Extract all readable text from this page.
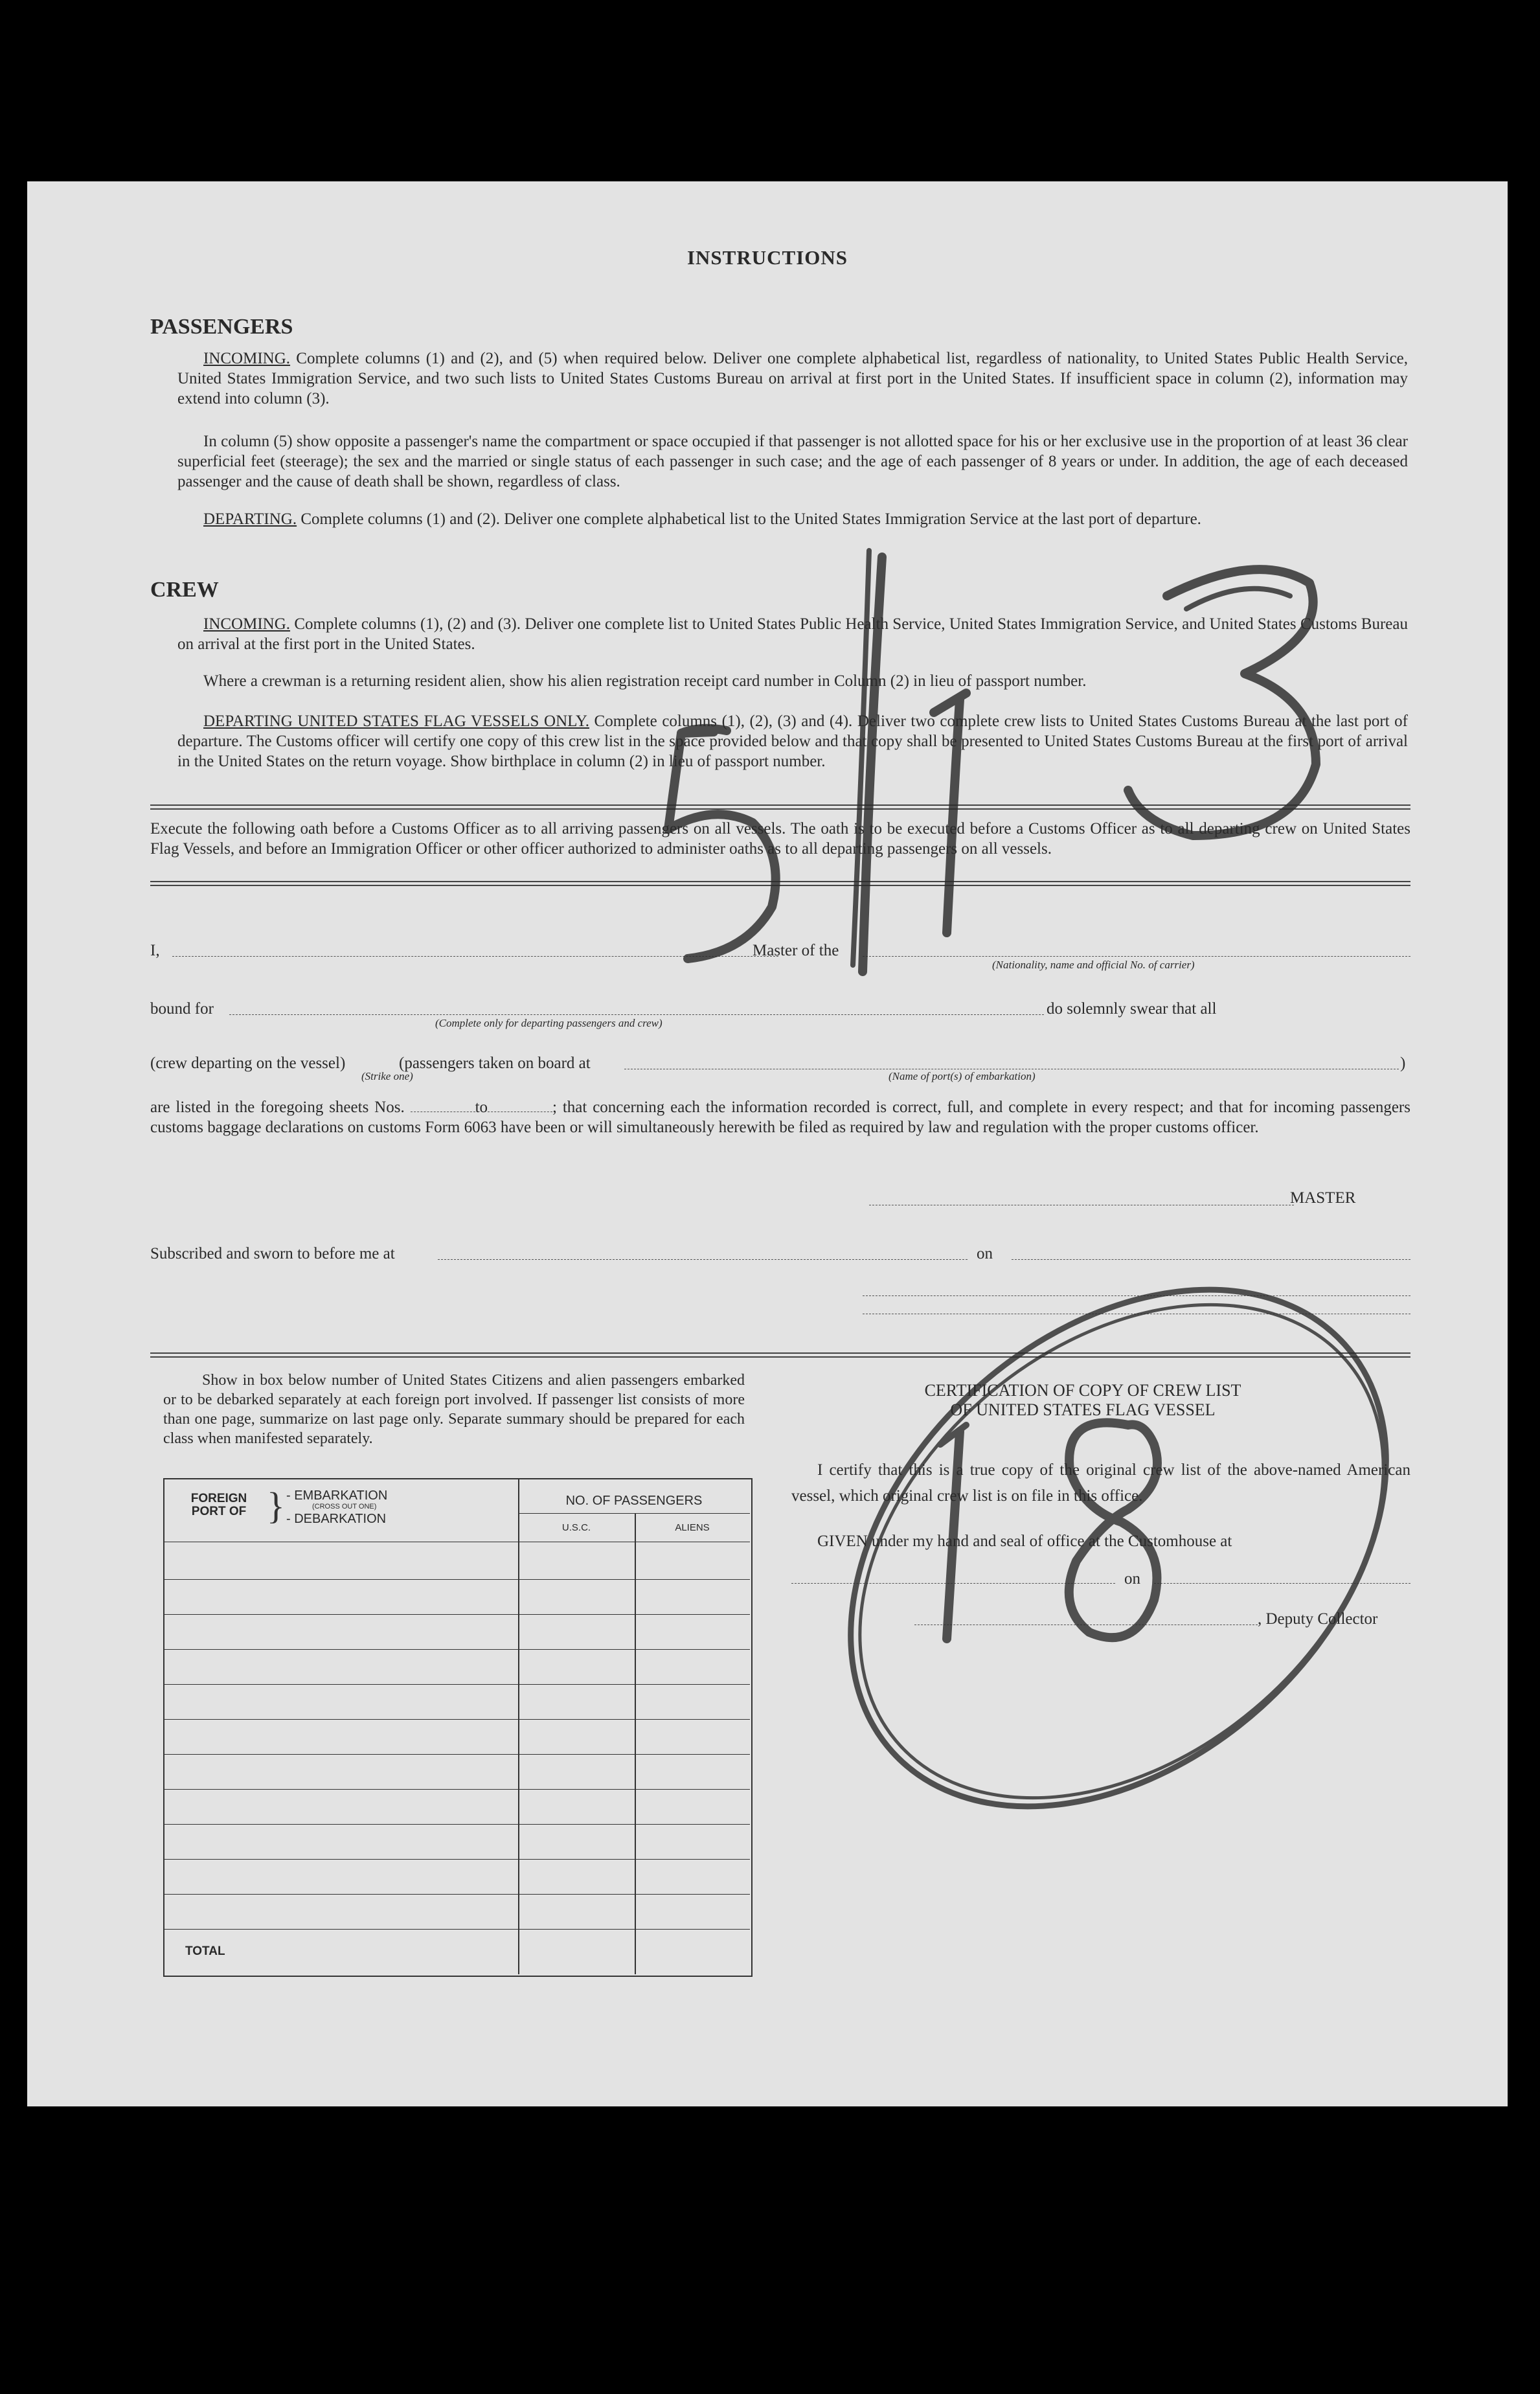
INSTRUCTIONS
PASSENGERS
INCOMING. Complete columns (1) and (2), and (5) when required below. Deliver one complete alphabetical list, regardless of nationality, to United States Public Health Service, United States Immigration Service, and two such lists to United States Customs Bureau on arrival at first port in the United States. If insufficient space in column (2), information may extend into column (3).
In column (5) show opposite a passenger's name the compartment or space occupied if that passenger is not allotted space for his or her exclusive use in the proportion of at least 36 clear superficial feet (steerage); the sex and the married or single status of each passenger in such case; and the age of each passenger of 8 years or under. In addition, the age of each deceased passenger and the cause of death shall be shown, regardless of class.
DEPARTING. Complete columns (1) and (2). Deliver one complete alphabetical list to the United States Immigration Service at the last port of departure.
CREW
INCOMING. Complete columns (1), (2) and (3). Deliver one complete list to United States Public Health Service, United States Immigration Service, and United States Customs Bureau on arrival at the first port in the United States.
Where a crewman is a returning resident alien, show his alien registration receipt card number in Column (2) in lieu of passport number.
DEPARTING UNITED STATES FLAG VESSELS ONLY. Complete columns (1), (2), (3) and (4). Deliver two complete crew lists to United States Customs Bureau at the last port of departure. The Customs officer will certify one copy of this crew list in the space provided below and that copy shall be presented to United States Customs Bureau at the first port of arrival in the United States on the return voyage. Show birthplace in column (2) in lieu of passport number.
Execute the following oath before a Customs Officer as to all arriving passengers on all vessels. The oath is to be executed before a Customs Officer as to all departing crew on United States Flag Vessels, and before an Immigration Officer or other officer authorized to administer oaths as to all departing passengers on all vessels.
I,	Master of the
(Nationality, name and official No. of carrier)
bound for
(Complete only for departing passengers and crew)
do solemnly swear that all
(crew departing on the vessel)	(passengers taken on board at	)
(Strike one)	(Name of port(s) of embarkation)
are listed in the foregoing sheets Nos.	to	; that concerning each the information recorded is correct, full, and complete in every respect; and that for incoming passengers customs baggage declarations on customs Form 6063 have been or will simultaneously herewith be filed as required by law and regulation with the proper customs officer.
MASTER
Subscribed and sworn to before me at	on
Show in box below number of United States Citizens and alien passengers embarked or to be debarked separately at each foreign port involved. If passenger list consists of more than one page, summarize on last page only. Separate summary should be prepared for each class when manifested separately.
FOREIGN PORT OF } - EMBARKATION
(CROSS OUT ONE)
- DEBARKATION
NO. OF PASSENGERS
U.S.C.	ALIENS
TOTAL
CERTIFICATION OF COPY OF CREW LIST
OF UNITED STATES FLAG VESSEL
I certify that this is a true copy of the original crew list of the above-named American vessel, which original crew list is on file in this office.
GIVEN under my hand and seal of office at the Customhouse at
on
, Deputy Collector
